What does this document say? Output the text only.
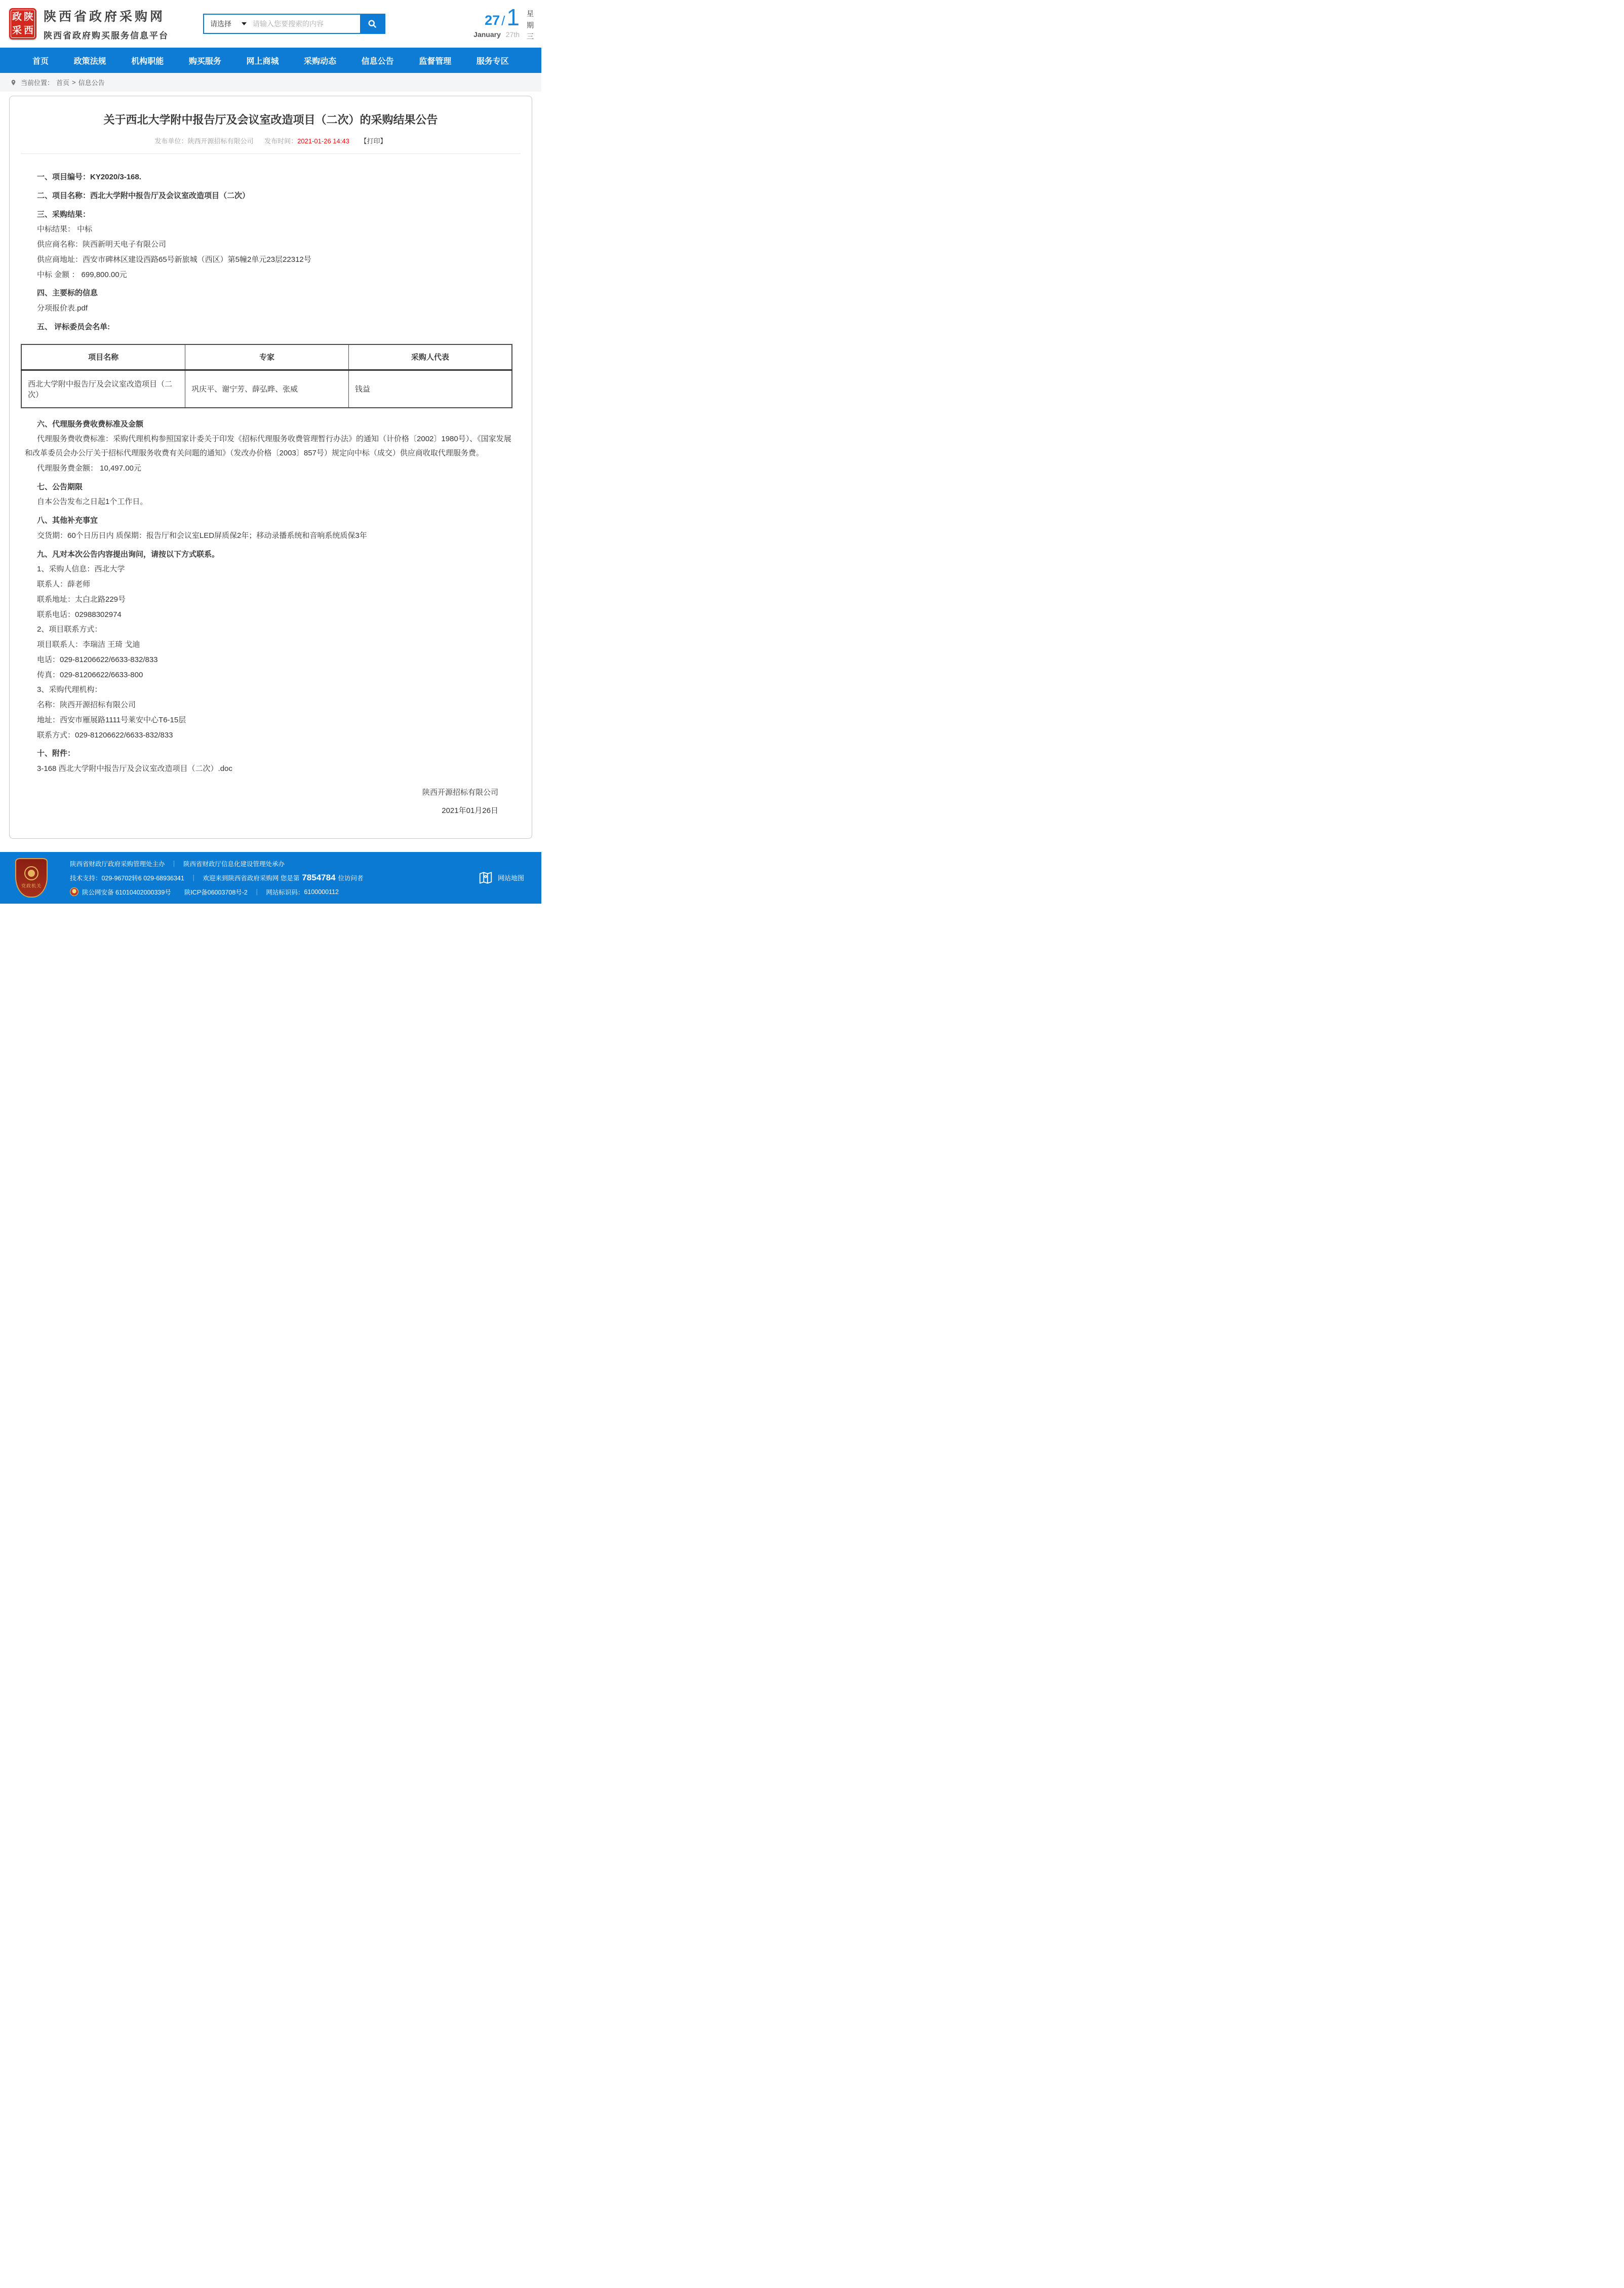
政 陕
采 西
陕西省政府采购网
陕西省政府购买服务信息平台
请选择
请输入您要搜索的内容	27 / 1
January 27th
星期三
首页	政策法规	机构职能	购买服务	网上商城	采购动态	信息公告	监督管理	服务专区
当前位置： 首页 > 信息公告
关于西北大学附中报告厅及会议室改造项目（二次）的采购结果公告
发布单位：陕西开源招标有限公司 发布时间：2021-01-26 14:43 【打印】

一、项目编号：KY2020/3-168.

二、项目名称：西北大学附中报告厅及会议室改造项目（二次）

三、采购结果：

中标结果： 中标

供应商名称：陕西新明天电子有限公司

供应商地址：西安市碑林区建设西路65号新旅城（西区）第5幢2单元23层22312号

中标 金额 ： 699,800.00元

四、主要标的信息

分项报价表.pdf

五、 评标委员会名单:

项目名称	专家	采购人代表
西北大学附中报告厅及会议室改造项目（二次）	巩庆平、谢宁芳、薛弘晔、张威	钱益

六、代理服务费收费标准及金额

代理服务费收费标准：采购代理机构参照国家计委关于印发《招标代理服务收费管理暂行办法》的通知（计价格〔2002〕1980号）、《国家发展和改革委员会办公厅关于招标代理服务收费有关问题的通知》（发改办价格〔2003〕857号）规定向中标（成交）供应商收取代理服务费。

代理服务费金额： 10,497.00元

七、公告期限

自本公告发布之日起1个工作日。

八、其他补充事宜

交货期：60个日历日内 质保期：报告厅和会议室LED屏质保2年；移动录播系统和音响系统质保3年

九、凡对本次公告内容提出询问，请按以下方式联系。

1、采购人信息：西北大学

联系人：薛老师

联系地址：太白北路229号

联系电话：02988302974

2、项目联系方式：

项目联系人：李瑞洁 王琦 戈迪

电话：029-81206622/6633-832/833

传真：029-81206622/6633-800

3、采购代理机构：

名称：陕西开源招标有限公司

地址：西安市雁展路1111号莱安中心T6-15层

联系方式：029-81206622/6633-832/833

十、附件：

3-168 西北大学附中报告厅及会议室改造项目（二次）.doc

陕西开源招标有限公司
2021年01月26日
党政机关
陕西省财政厅政府采购管理处主办 ｜ 陕西省财政厅信息化建设管理处承办
技术支持：029-96702转6 029-68936341 ｜ 欢迎来到陕西省政府采购网 您是第 7854784 位访问者
陕公网安备 61010402000339号 陕ICP备06003708号-2 ｜ 网站标识码： 6100000112
网站地图
